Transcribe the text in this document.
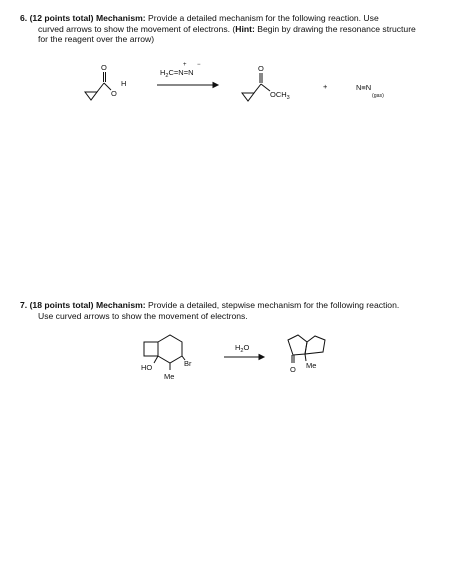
6. (12 points total) Mechanism: Provide a detailed mechanism for the following reaction. Use
curved arrows to show the movement of electrons. (Hint: Begin by drawing the resonance structure
for the reagent over the arrow)
O
O
H
$H_2C=N=N$
+ −	O
$OCH_3$
+	N≡N
(gas)
7. (18 points total) Mechanism: Provide a detailed, stepwise mechanism for the following reaction.
Use curved arrows to show the movement of electrons.
HO
Me
Br
$H_2O$
O Me
